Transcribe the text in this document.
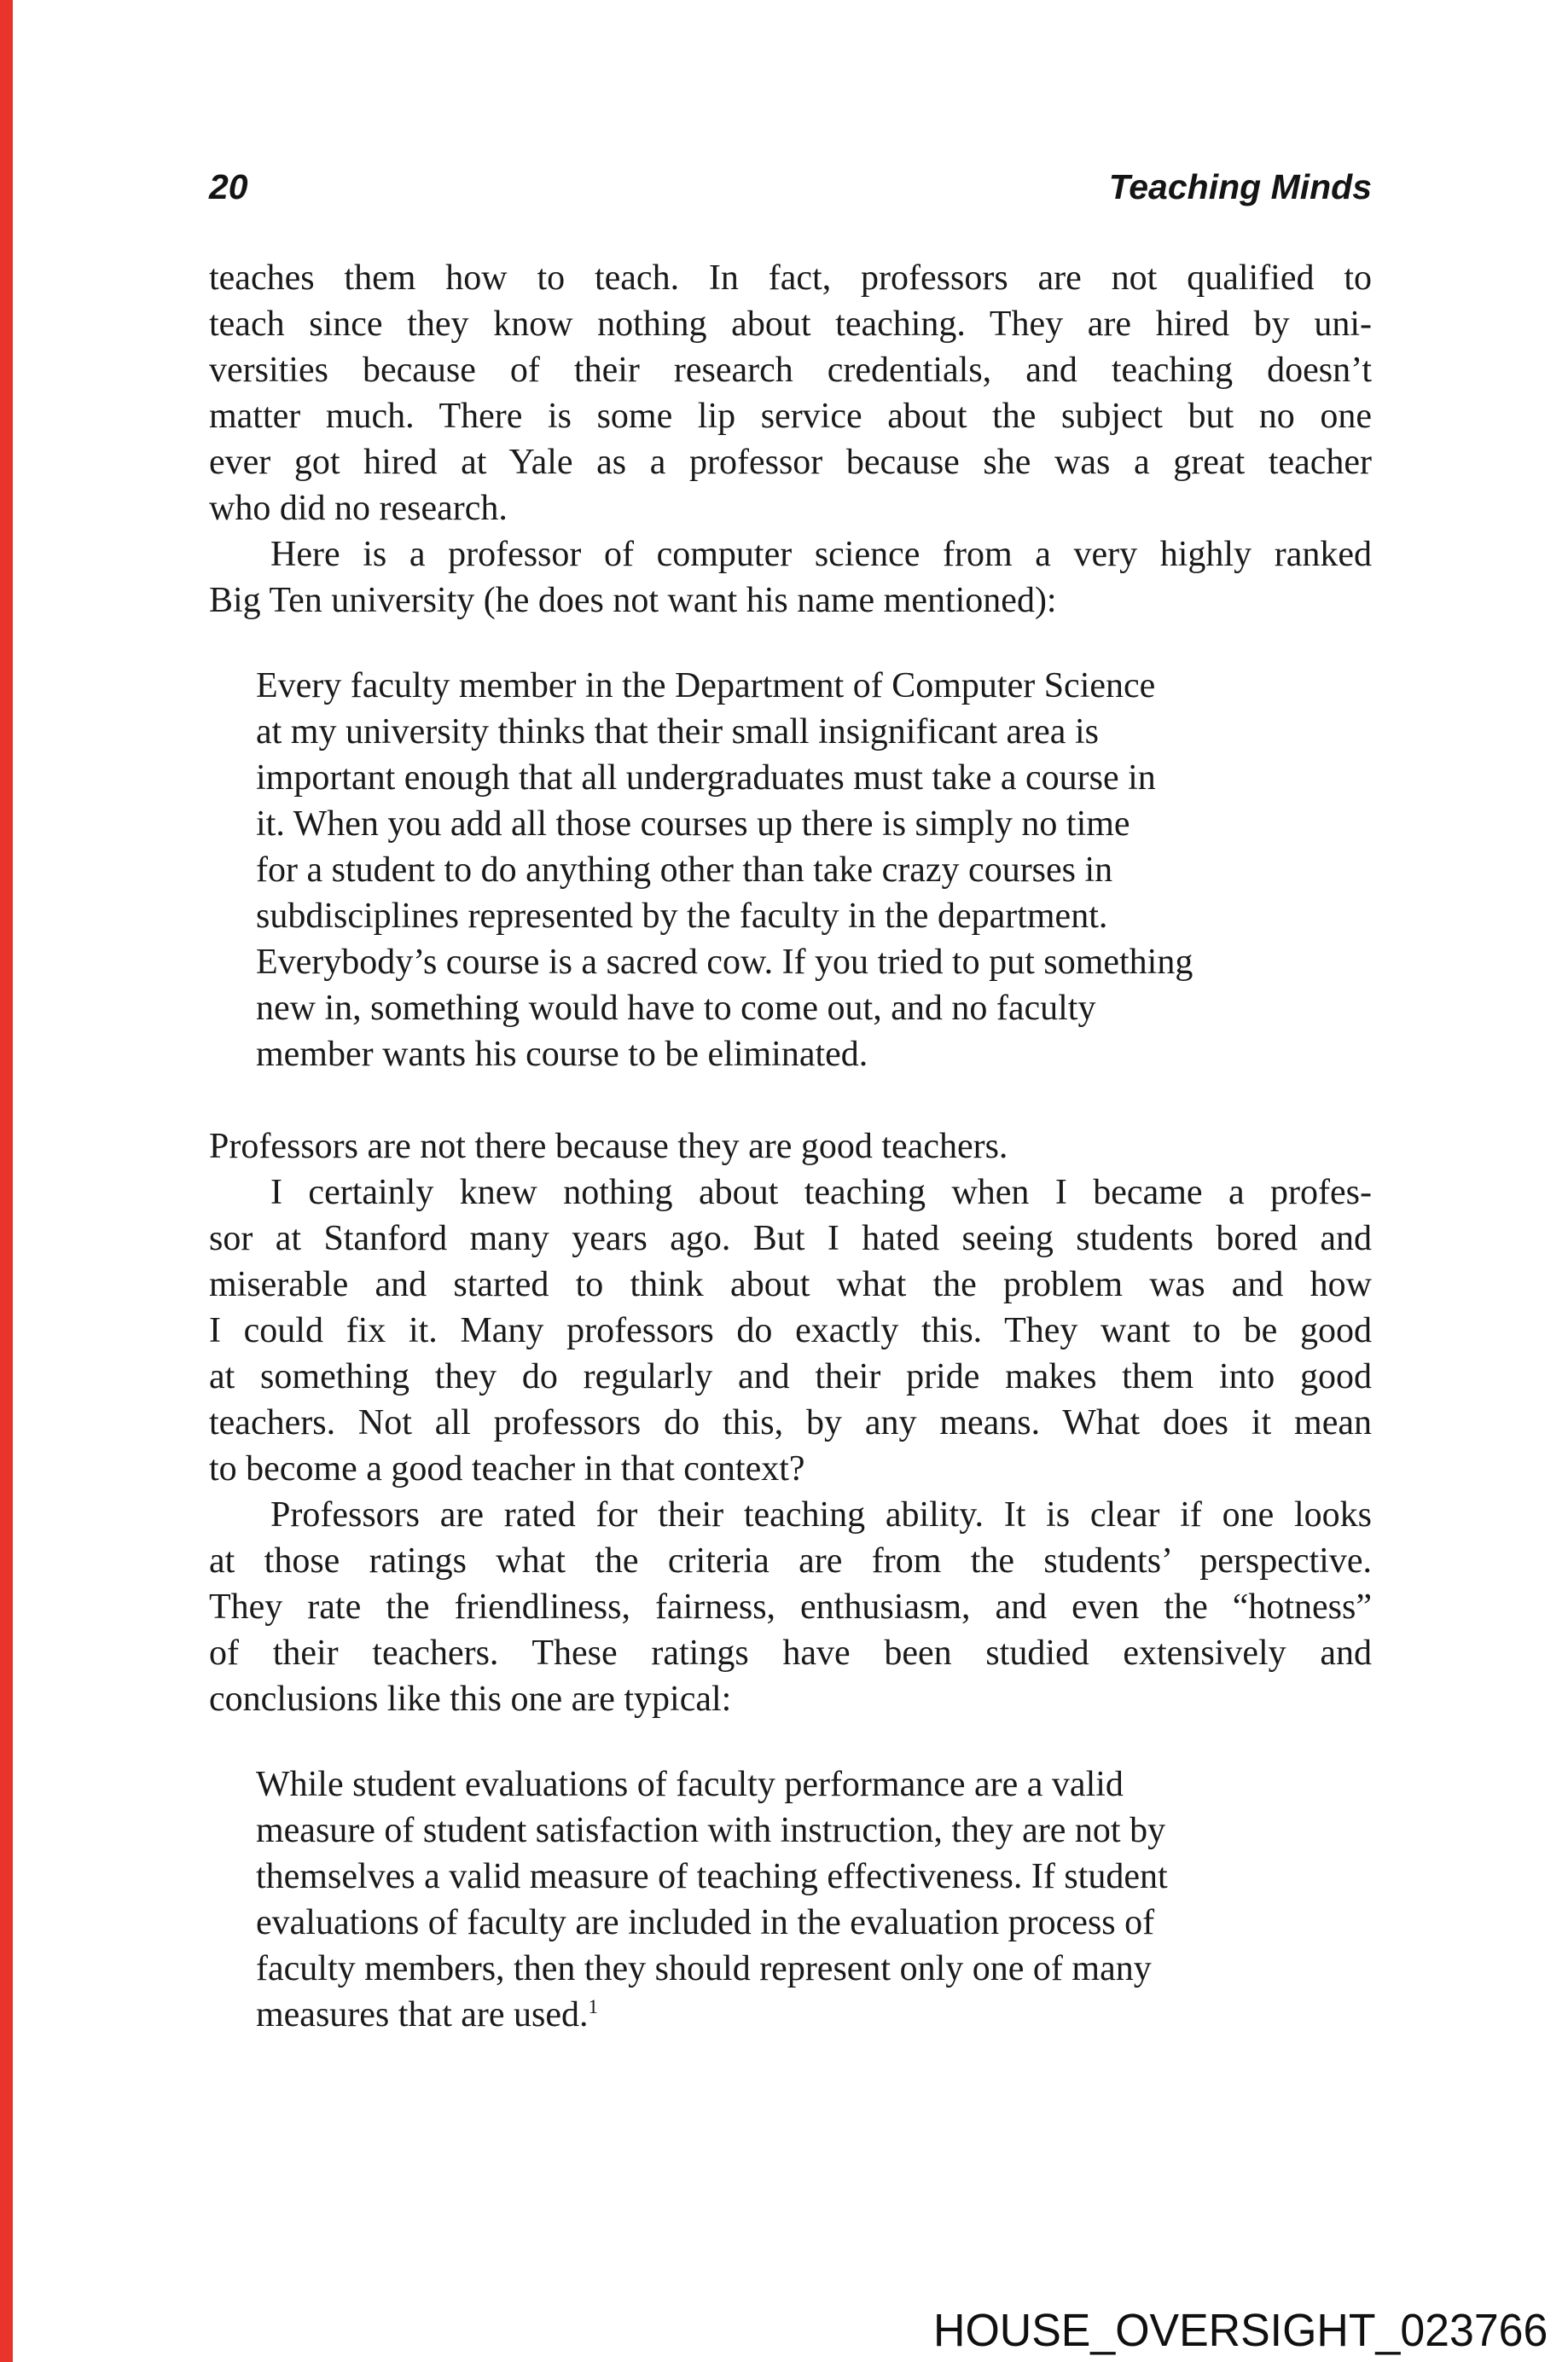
20	Teaching Minds
teaches them how to teach. In fact, professors are not qualified to
teach since they know nothing about teaching. They are hired by uni-
versities because of their research credentials, and teaching doesn’t
matter much. There is some lip service about the subject but no one
ever got hired at Yale as a professor because she was a great teacher
who did no research.
Here is a professor of computer science from a very highly ranked
Big Ten university (he does not want his name mentioned):
Every faculty member in the Department of Computer Science
at my university thinks that their small insignificant area is
important enough that all undergraduates must take a course in
it. When you add all those courses up there is simply no time
for a student to do anything other than take crazy courses in
subdisciplines represented by the faculty in the department.
Everybody’s course is a sacred cow. If you tried to put something
new in, something would have to come out, and no faculty
member wants his course to be eliminated.
Professors are not there because they are good teachers.
I certainly knew nothing about teaching when I became a profes-
sor at Stanford many years ago. But I hated seeing students bored and
miserable and started to think about what the problem was and how
I could fix it. Many professors do exactly this. They want to be good
at something they do regularly and their pride makes them into good
teachers. Not all professors do this, by any means. What does it mean
to become a good teacher in that context?
Professors are rated for their teaching ability. It is clear if one looks
at those ratings what the criteria are from the students’ perspective.
They rate the friendliness, fairness, enthusiasm, and even the “hotness”
of their teachers. These ratings have been studied extensively and
conclusions like this one are typical:
While student evaluations of faculty performance are a valid
measure of student satisfaction with instruction, they are not by
themselves a valid measure of teaching effectiveness. If student
evaluations of faculty are included in the evaluation process of
faculty members, then they should represent only one of many
measures that are used.$^1$
HOUSE_OVERSIGHT_023766
